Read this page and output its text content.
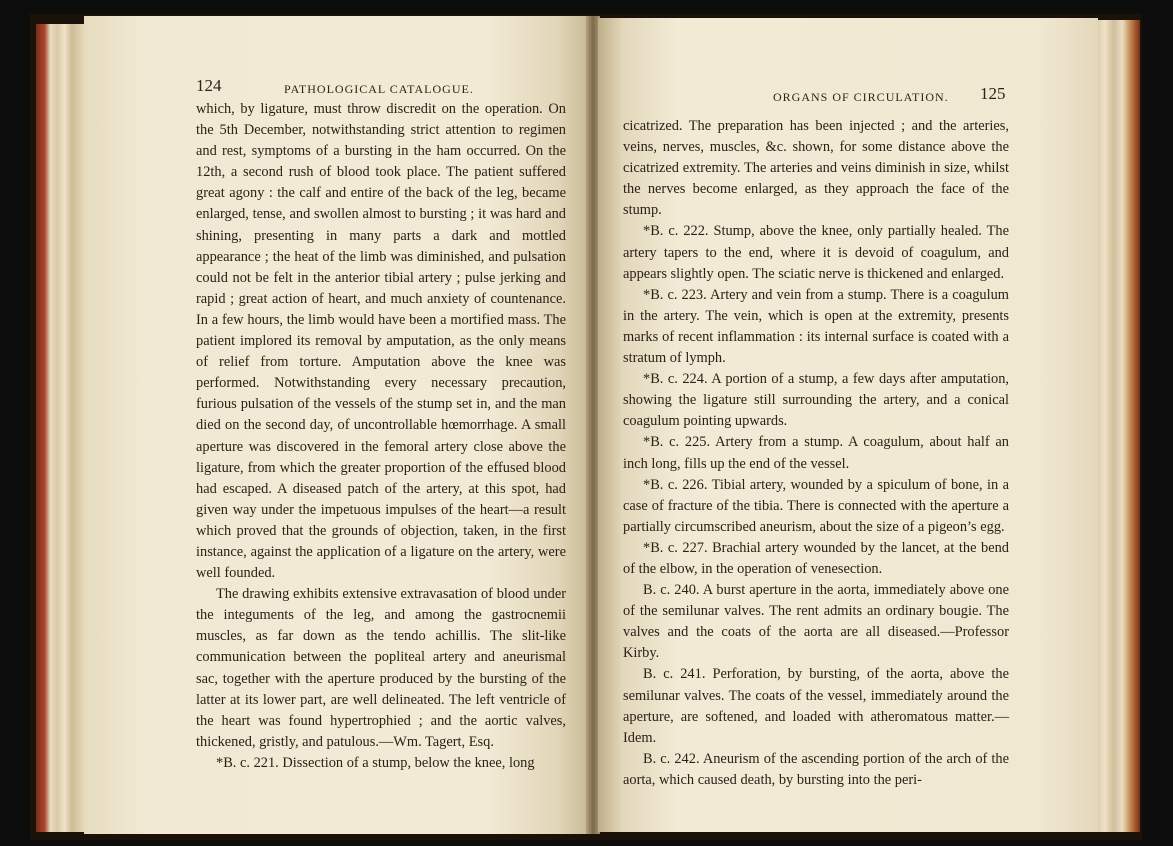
124	PATHOLOGICAL CATALOGUE.

which, by ligature, must throw discredit on the operation. On the 5th December, notwithstanding strict attention to regimen and rest, symptoms of a bursting in the ham occurred. On the 12th, a second rush of blood took place. The patient suffered great agony : the calf and entire of the back of the leg, became enlarged, tense, and swollen almost to bursting ; it was hard and shining, presenting in many parts a dark and mottled appearance ; the heat of the limb was diminished, and pulsation could not be felt in the anterior tibial artery ; pulse jerking and rapid ; great action of heart, and much anxiety of countenance. In a few hours, the limb would have been a mortified mass. The patient implored its removal by amputation, as the only means of relief from torture. Amputation above the knee was performed. Notwithstanding every necessary precaution, furious pulsation of the vessels of the stump set in, and the man died on the second day, of uncontrollable hœmorrhage. A small aperture was discovered in the femoral artery close above the ligature, from which the greater proportion of the effused blood had escaped. A diseased patch of the artery, at this spot, had given way under the impetuous impulses of the heart—a result which proved that the grounds of objection, taken, in the first instance, against the application of a ligature on the artery, were well founded.

The drawing exhibits extensive extravasation of blood under the integuments of the leg, and among the gastrocnemii muscles, as far down as the tendo achillis. The slit-like communication between the popliteal artery and aneurismal sac, together with the aperture produced by the bursting of the latter at its lower part, are well delineated. The left ventricle of the heart was found hypertrophied ; and the aortic valves, thickened, gristly, and patulous.—Wm. Tagert, Esq.

*B. c. 221. Dissection of a stump, below the knee, long

ORGANS OF CIRCULATION. 125

cicatrized. The preparation has been injected ; and the arteries, veins, nerves, muscles, &c. shown, for some distance above the cicatrized extremity. The arteries and veins diminish in size, whilst the nerves become enlarged, as they approach the face of the stump.

*B. c. 222. Stump, above the knee, only partially healed. The artery tapers to the end, where it is devoid of coagulum, and appears slightly open. The sciatic nerve is thickened and enlarged.

*B. c. 223. Artery and vein from a stump. There is a coagulum in the artery. The vein, which is open at the extremity, presents marks of recent inflammation : its internal surface is coated with a stratum of lymph.

*B. c. 224. A portion of a stump, a few days after amputation, showing the ligature still surrounding the artery, and a conical coagulum pointing upwards.

*B. c. 225. Artery from a stump. A coagulum, about half an inch long, fills up the end of the vessel.

*B. c. 226. Tibial artery, wounded by a spiculum of bone, in a case of fracture of the tibia. There is connected with the aperture a partially circumscribed aneurism, about the size of a pigeon’s egg.

*B. c. 227. Brachial artery wounded by the lancet, at the bend of the elbow, in the operation of venesection.

B. c. 240. A burst aperture in the aorta, immediately above one of the semilunar valves. The rent admits an ordinary bougie. The valves and the coats of the aorta are all diseased.—Professor Kirby.

B. c. 241. Perforation, by bursting, of the aorta, above the semilunar valves. The coats of the vessel, immediately around the aperture, are softened, and loaded with atheromatous matter.—Idem.

B. c. 242. Aneurism of the ascending portion of the arch of the aorta, which caused death, by bursting into the peri-
